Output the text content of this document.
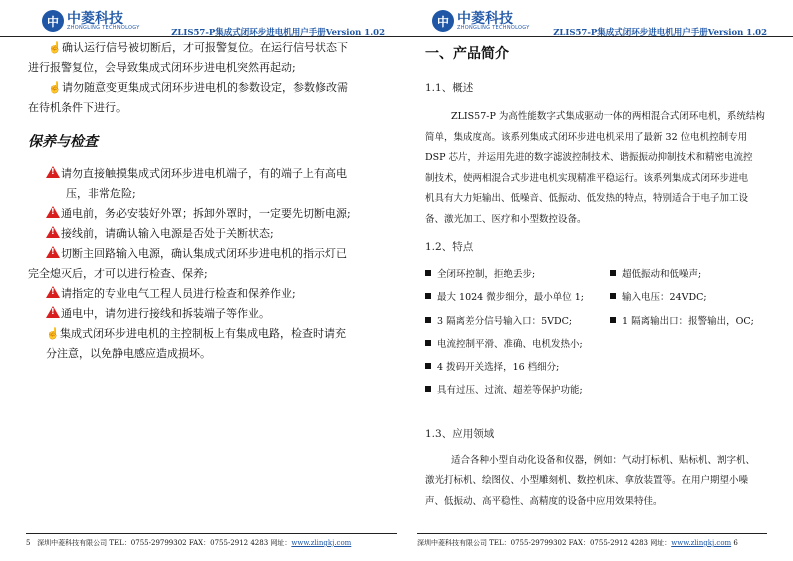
中 中菱科技
ZHONGLING TECHNOLOGY
ZLIS57-P集成式闭环步进电机用户手册Version 1.02
☝确认运行信号被切断后，才可报警复位。在运行信号状态下
进行报警复位，会导致集成式闭环步进电机突然再起动;
☝请勿随意变更集成式闭环步进电机的参数设定，参数修改需
在待机条件下进行。
保养与检查
!请勿直接触摸集成式闭环步进电机端子，有的端子上有高电
压，非常危险;
!通电前，务必安装好外罩；拆卸外罩时，一定要先切断电源;
!接线前，请确认输入电源是否处于关断状态;
!切断主回路输入电源，确认集成式闭环步进电机的指示灯已
完全熄灭后，才可以进行检查、保养;
!请指定的专业电气工程人员进行检查和保养作业;
!通电中，请勿进行接线和拆装端子等作业。
☝集成式闭环步进电机的主控制板上有集成电路，检查时请充
分注意，以免静电感应造成损坏。
5 深圳中菱科技有限公司 TEL：0755-29799302 FAX：0755-2912 4283 网址：www.zlingkj.com
中 中菱科技
ZHONGLING TECHNOLOGY
ZLIS57-P集成式闭环步进电机用户手册Version 1.02
一、产品简介
1.1、概述
ZLIS57-P 为高性能数字式集成驱动一体的两相混合式闭环电机，系统结构
简单，集成度高。该系列集成式闭环步进电机采用了最新 32 位电机控制专用
DSP 芯片，并运用先进的数字滤波控制技术、谐振振动抑制技术和精密电流控
制技术，使两相混合式步进电机实现精准平稳运行。该系列集成式闭环步进电
机具有大力矩输出、低噪音、低振动、低发热的特点，特别适合于电子加工设
备、激光加工、医疗和小型数控设备。
1.2、特点
全闭环控制，拒绝丢步;	超低振动和低噪声;
最大 1024 微步细分，最小单位 1;	输入电压：24VDC;
3 隔离差分信号输入口：5VDC;	1 隔离输出口：报警输出，OC;
电流控制平滑、准确、电机发热小;
4 拨码开关选择，16 档细分;
具有过压、过流、超差等保护功能;
1.3、应用领域
适合各种小型自动化设备和仪器，例如：气动打标机、贴标机、割字机、
激光打标机、绘图仪、小型雕刻机、数控机床、拿放装置等。在用户期望小噪
声、低振动、高平稳性、高精度的设备中应用效果特佳。
深圳中菱科技有限公司 TEL：0755-29799302 FAX：0755-2912 4283 网址：www.zlingkj.com 6
